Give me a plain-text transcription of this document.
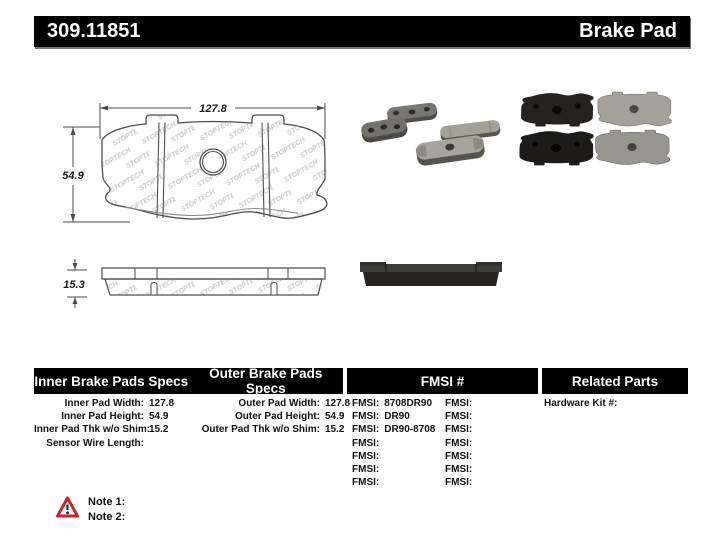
309.11851	Brake Pad
127.8
54.9
15.3
Inner Brake Pads Specs	Outer Brake Pads Specs	FMSI #	Related Parts
Inner Pad Width: 127.8
Inner Pad Height: 54.9
Inner Pad Thk w/o Shim:
15.2
Sensor Wire Length:
Outer Pad Width: 127.8
Outer Pad Height: 54.9
Outer Pad Thk w/o Shim: 15.2
FMSI: 8708DR90
FMSI: DR90
FMSI: DR90-8708
FMSI:
FMSI:
FMSI:
FMSI:
FMSI:
FMSI:
FMSI:
FMSI:
FMSI:
FMSI:
FMSI:
Hardware Kit #:
Note 1:
Note 2:
